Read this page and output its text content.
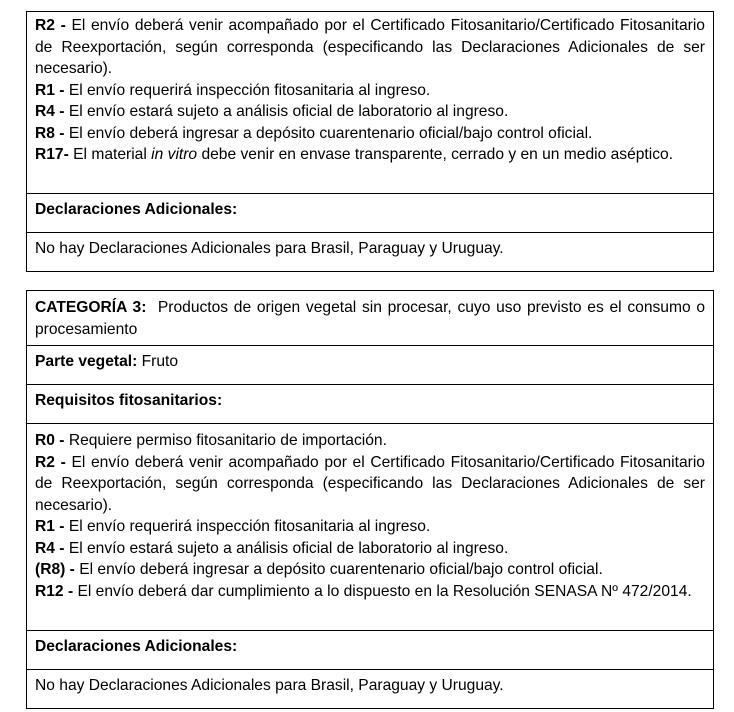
R2 - El envío deberá venir acompañado por el Certificado Fitosanitario/Certificado Fitosanitario de Reexportación, según corresponda (especificando las Declaraciones Adicionales de ser necesario).
R1 - El envío requerirá inspección fitosanitaria al ingreso.
R4 - El envío estará sujeto a análisis oficial de laboratorio al ingreso.
R8 - El envío deberá ingresar a depósito cuarentenario oficial/bajo control oficial.
R17- El material in vitro debe venir en envase transparente, cerrado y en un medio aséptico.

Declaraciones Adicionales:
No hay Declaraciones Adicionales para Brasil, Paraguay y Uruguay.
CATEGORÍA 3: Productos de origen vegetal sin procesar, cuyo uso previsto es el consumo o procesamiento
Parte vegetal: Fruto
Requisitos fitosanitarios:

R0 - Requiere permiso fitosanitario de importación.
R2 - El envío deberá venir acompañado por el Certificado Fitosanitario/Certificado Fitosanitario de Reexportación, según corresponda (especificando las Declaraciones Adicionales de ser necesario).
R1 - El envío requerirá inspección fitosanitaria al ingreso.
R4 - El envío estará sujeto a análisis oficial de laboratorio al ingreso.
(R8) - El envío deberá ingresar a depósito cuarentenario oficial/bajo control oficial.
R12 - El envío deberá dar cumplimiento a lo dispuesto en la Resolución SENASA Nº 472/2014.

Declaraciones Adicionales:
No hay Declaraciones Adicionales para Brasil, Paraguay y Uruguay.
